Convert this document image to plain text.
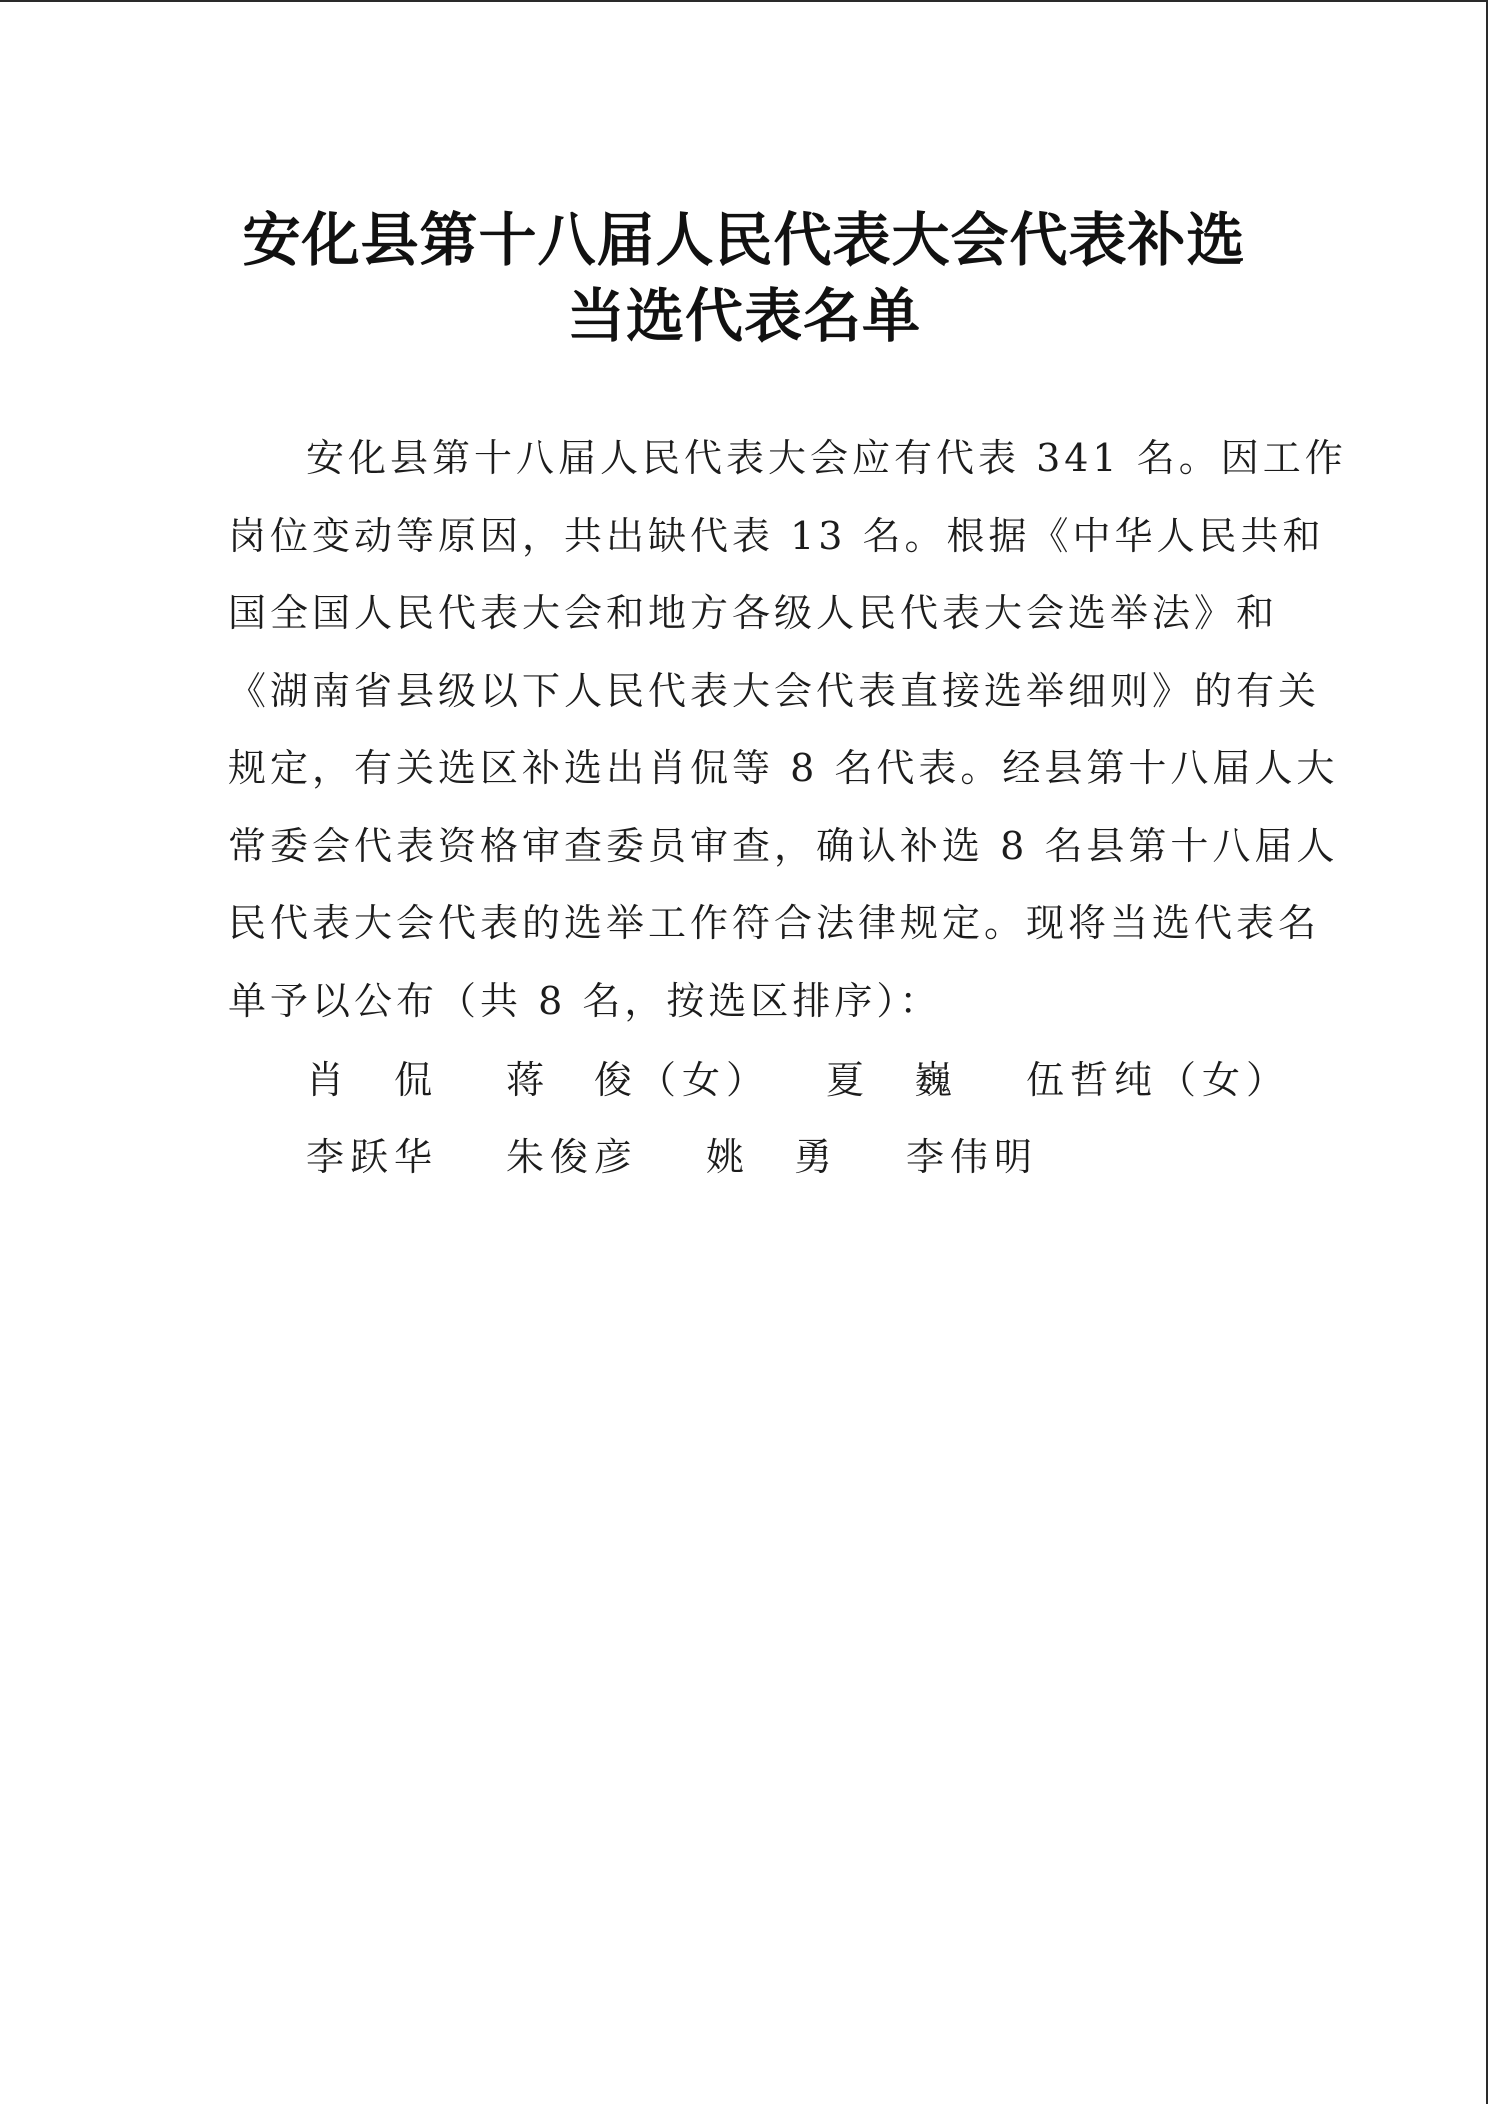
安化县第十八届人民代表大会代表补选
当选代表名单
安化县第十八届人民代表大会应有代表 341 名。因工作
岗位变动等原因，共出缺代表 13 名。根据《中华人民共和
国全国人民代表大会和地方各级人民代表大会选举法》和
《湖南省县级以下人民代表大会代表直接选举细则》的有关
规定，有关选区补选出肖侃等 8 名代表。经县第十八届人大
常委会代表资格审查委员审查，确认补选 8 名县第十八届人
民代表大会代表的选举工作符合法律规定。现将当选代表名
单予以公布（共 8 名，按选区排序）：
肖　侃 蒋　俊（女） 夏　巍 伍哲纯（女）
李跃华 朱俊彦 姚　勇 李伟明
